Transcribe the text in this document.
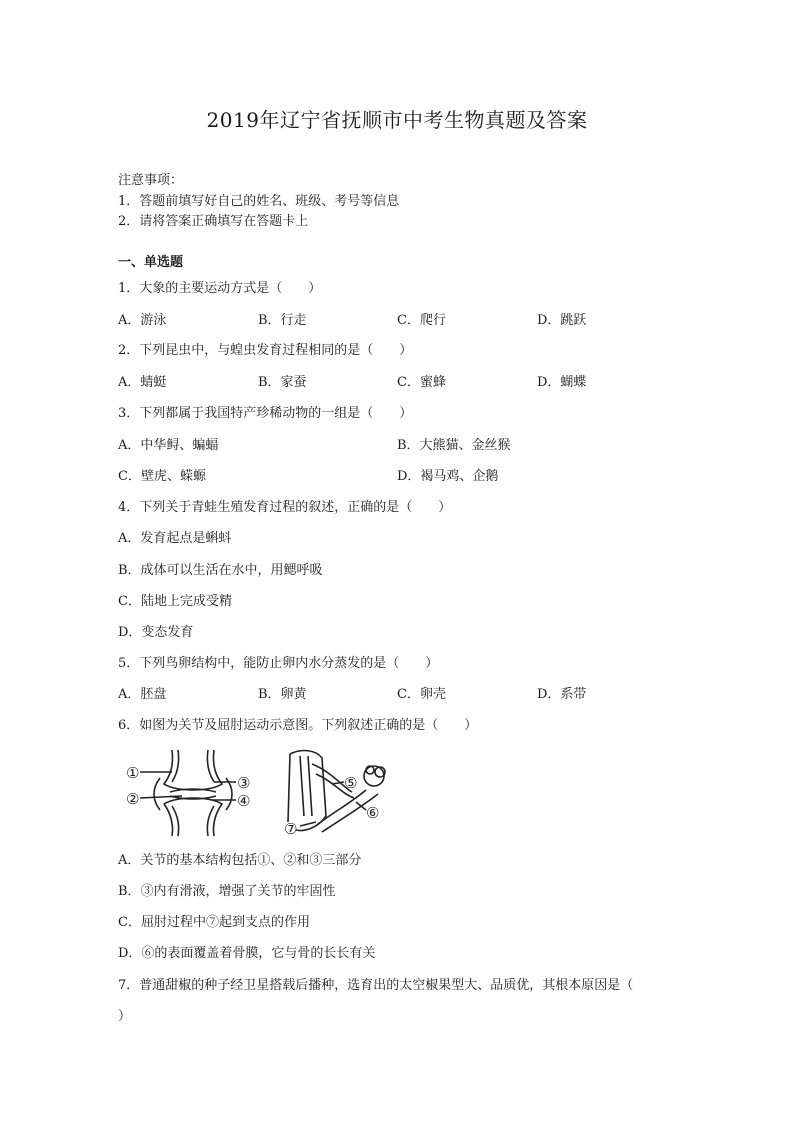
2019年辽宁省抚顺市中考生物真题及答案
注意事项：
1．答题前填写好自己的姓名、班级、考号等信息
2．请将答案正确填写在答题卡上
一、单选题
1．大象的主要运动方式是（　　）
A．游泳	B．行走	C．爬行	D．跳跃
2．下列昆虫中，与蝗虫发育过程相同的是（　　）
A．蜻蜓	B．家蚕	C．蜜蜂	D．蝴蝶
3．下列都属于我国特产珍稀动物的一组是（　　）
A．中华鲟、蝙蝠	B．大熊猫、金丝猴
C．壁虎、蝾螈	D．褐马鸡、企鹅
4．下列关于青蛙生殖发育过程的叙述，正确的是（　　）
A．发育起点是蝌蚪
B．成体可以生活在水中，用鳃呼吸
C．陆地上完成受精
D．变态发育
5．下列鸟卵结构中，能防止卵内水分蒸发的是（　　）
A．胚盘	B．卵黄	C．卵壳	D．系带
6．如图为关节及屈肘运动示意图。下列叙述正确的是（　　）
①
②
③
④
⑤
⑥
⑦
A．关节的基本结构包括①、②和③三部分
B．③内有滑液，增强了关节的牢固性
C．屈肘过程中⑦起到支点的作用
D．⑥的表面覆盖着骨膜，它与骨的长长有关
7．普通甜椒的种子经卫星搭载后播种，选育出的太空椒果型大、品质优，其根本原因是（
）
